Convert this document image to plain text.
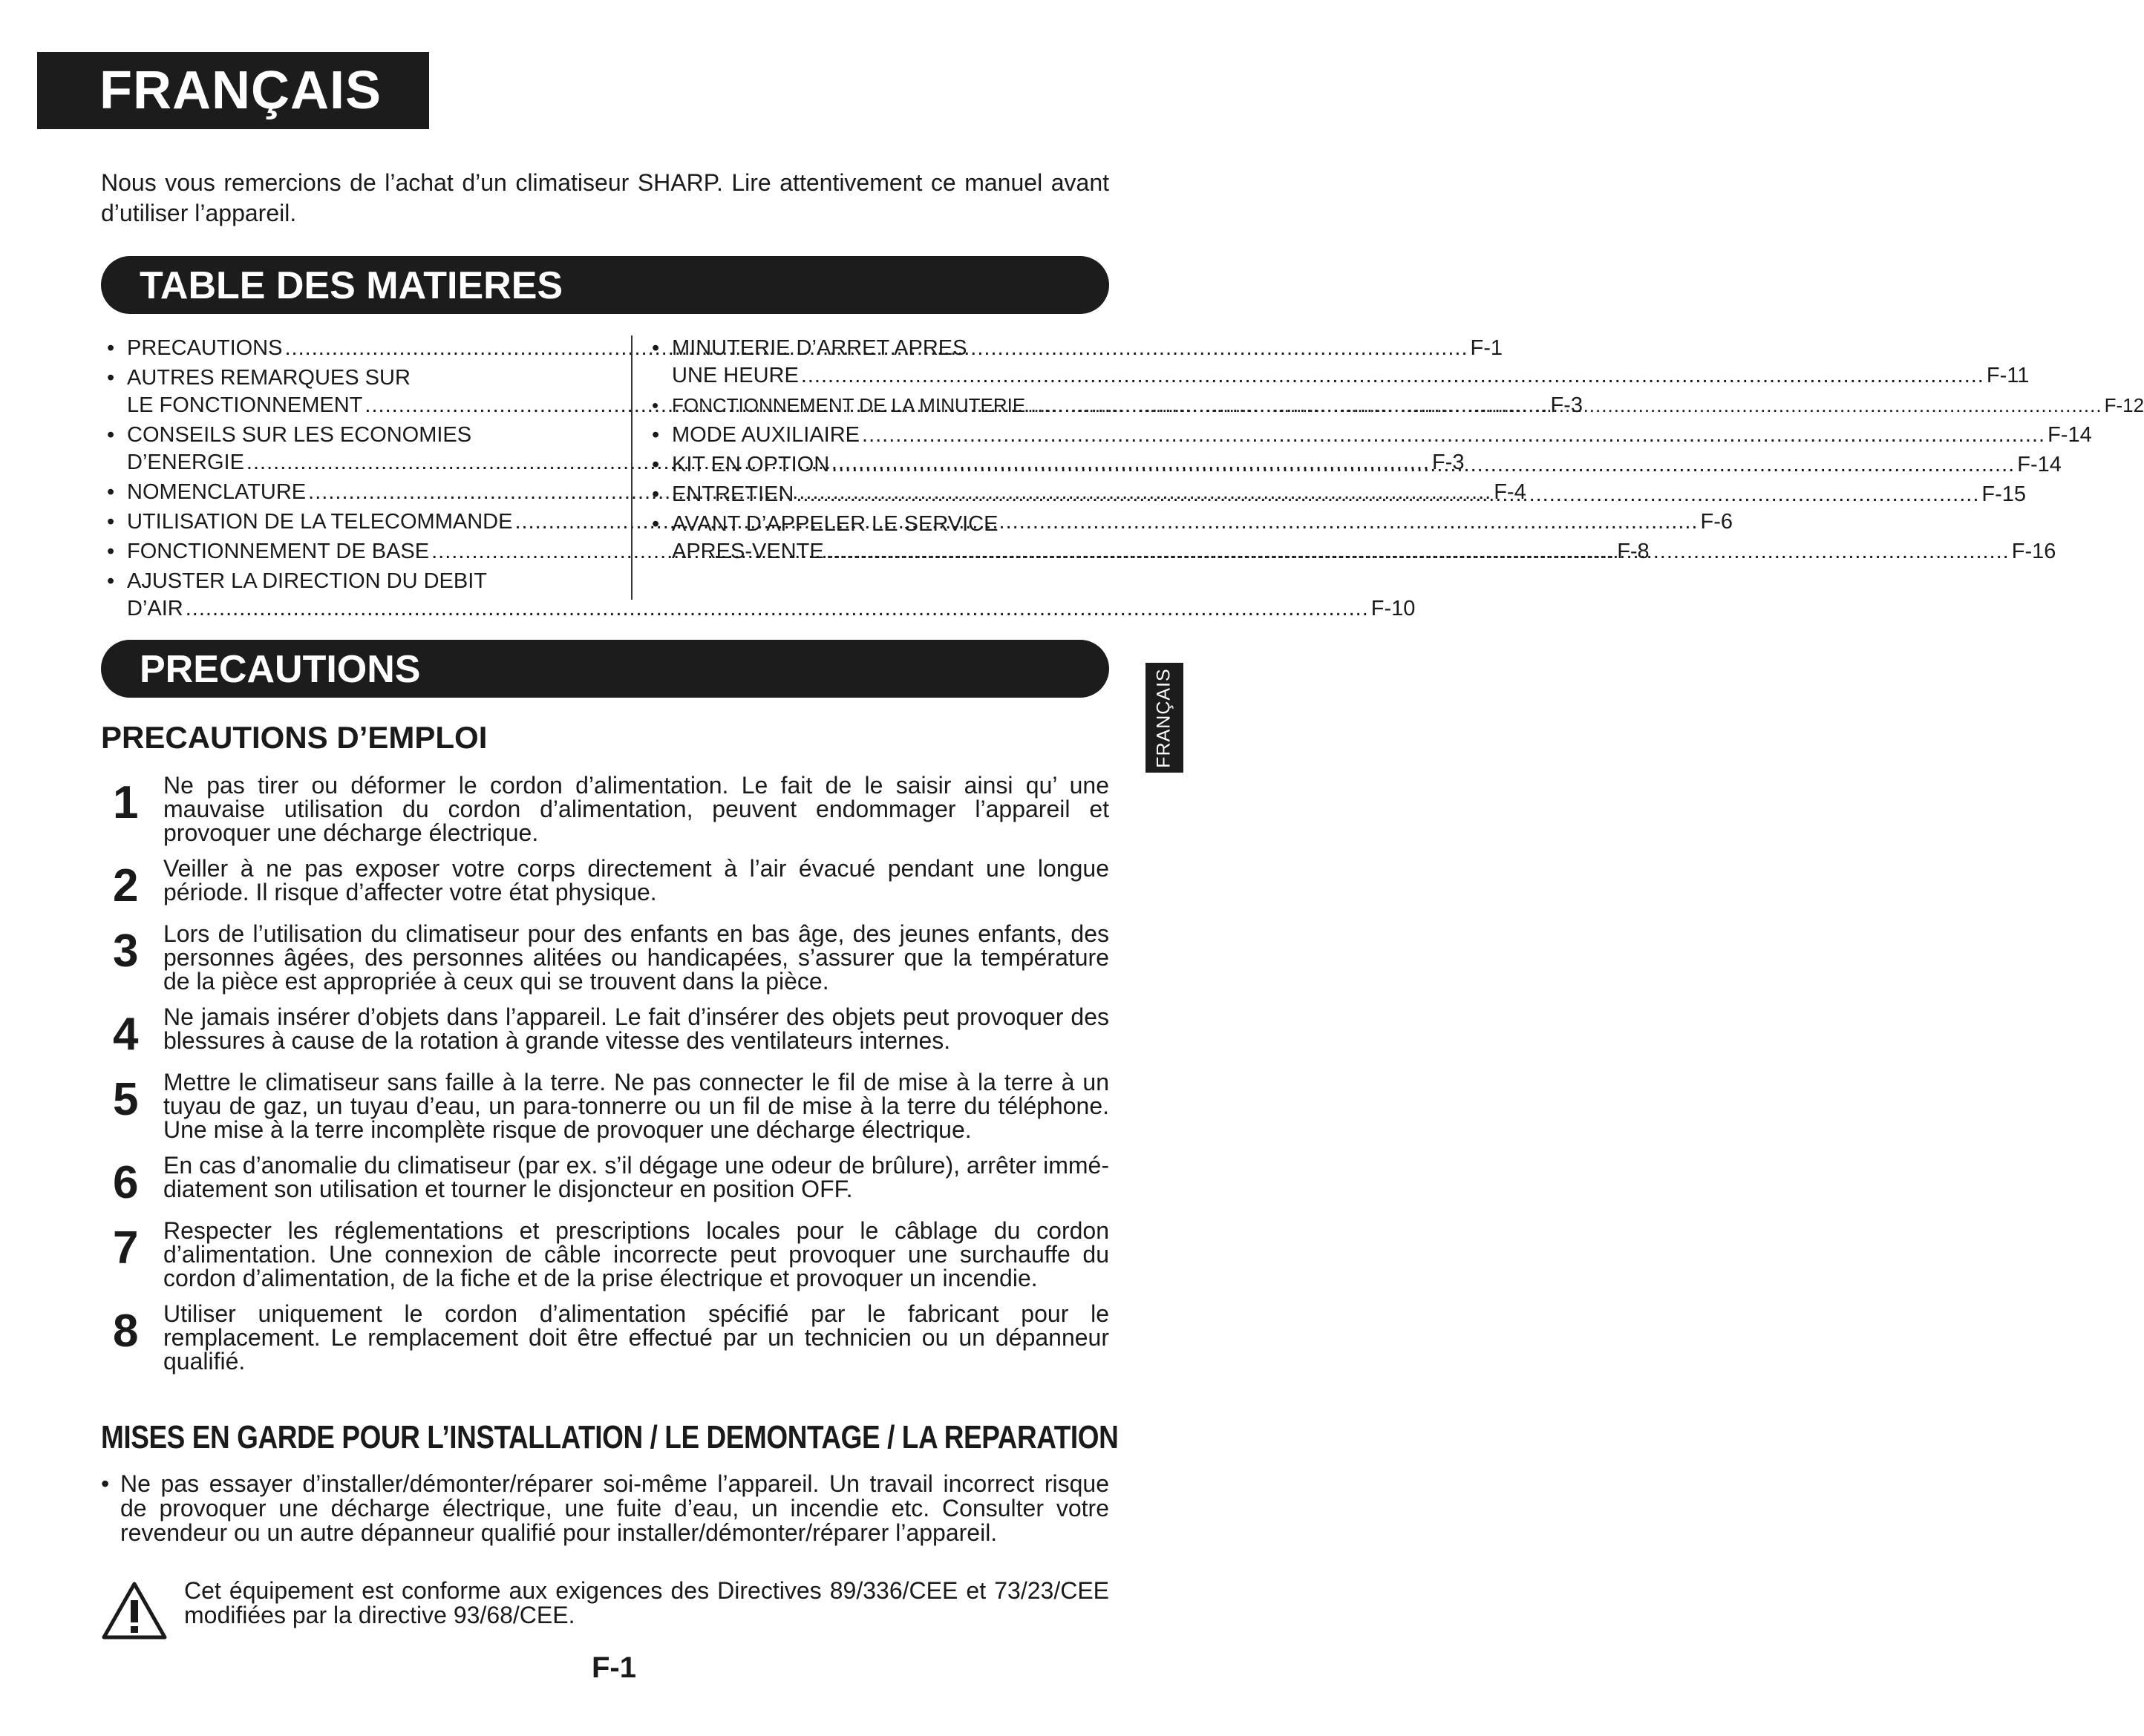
FRANÇAIS
Nous vous remercions de l’achat d’un climatiseur SHARP. Lire attentivement ce manuel avant d’utiliser l’appareil.
TABLE DES MATIERES
• PRECAUTIONS .....	F-1
• AUTRES REMARQUES SUR
LE FONCTIONNEMENT .....	F-3
• CONSEILS SUR LES ECONOMIES
D’ENERGIE .....	F-3
• NOMENCLATURE .....	F-4
• UTILISATION DE LA TELECOMMANDE .....	F-6
• FONCTIONNEMENT DE BASE .....	F-8
• AJUSTER LA DIRECTION DU DEBIT
D’AIR .....	F-10
• MINUTERIE D’ARRET APRES
UNE HEURE .....	F-11
• FONCTIONNEMENT DE LA MINUTERIE .....	F-12
• MODE AUXILIAIRE .....	F-14
• KIT EN OPTION .....	F-14
• ENTRETIEN .....	F-15
• AVANT D’APPELER LE SERVICE
APRES-VENTE .....	F-16
FRANÇAIS
PRECAUTIONS
PRECAUTIONS D’EMPLOI
1	Ne pas tirer ou déformer le cordon d’alimentation. Le fait de le saisir ainsi qu’ une mauvaise utilisation du cordon d’alimentation, peuvent endommager l’appareil et provoquer une décharge électrique.
2	Veiller à ne pas exposer votre corps directement à l’air évacué pendant une longue période. Il risque d’affecter votre état physique.
3	Lors de l’utilisation du climatiseur pour des enfants en bas âge, des jeunes enfants, des personnes âgées, des personnes alitées ou handicapées, s’assurer que la température de la pièce est appropriée à ceux qui se trouvent dans la pièce.
4	Ne jamais insérer d’objets dans l’appareil. Le fait d’insérer des objets peut provoquer des blessures à cause de la rotation à grande vitesse des ventilateurs internes.
5	Mettre le climatiseur sans faille à la terre. Ne pas connecter le fil de mise à la terre à un tuyau de gaz, un tuyau d’eau, un para-tonnerre ou un fil de mise à la terre du téléphone. Une mise à la terre incomplète risque de provoquer une décharge électrique.
6	En cas d’anomalie du climatiseur (par ex. s’il dégage une odeur de brûlure), arrêter immé-diatement son utilisation et tourner le disjoncteur en position OFF.
7	Respecter les réglementations et prescriptions locales pour le câblage du cordon d’alimentation. Une connexion de câble incorrecte peut provoquer une surchauffe du cordon d’alimentation, de la fiche et de la prise électrique et provoquer un incendie.
8	Utiliser uniquement le cordon d’alimentation spécifié par le fabricant pour le remplacement. Le remplacement doit être effectué par un technicien ou un dépanneur qualifié.
MISES EN GARDE POUR L’INSTALLATION / LE DEMONTAGE / LA REPARATION
• Ne pas essayer d’installer/démonter/réparer soi-même l’appareil. Un travail incorrect risque de provoquer une décharge électrique, une fuite d’eau, un incendie etc. Consulter votre revendeur ou un autre dépanneur qualifié pour installer/démonter/réparer l’appareil.
Cet équipement est conforme aux exigences des Directives 89/336/CEE et 73/23/CEE modifiées par la directive 93/68/CEE.
F-1
